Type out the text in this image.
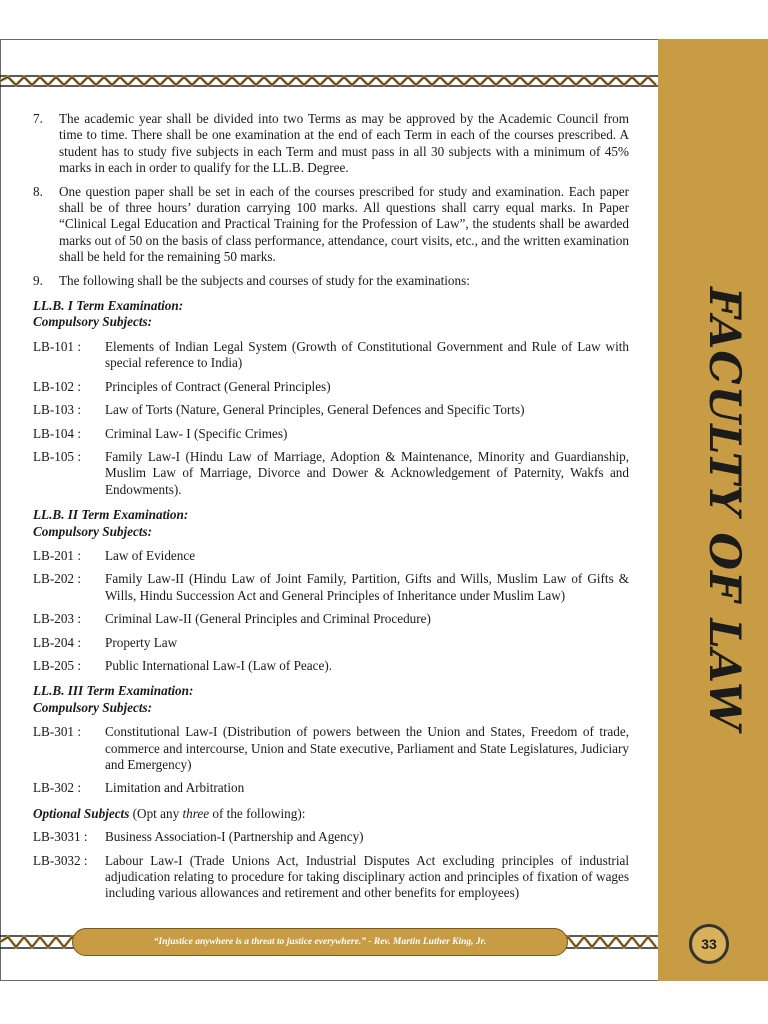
FACULTY OF LAW
7.	The academic year shall be divided into two Terms as may be approved by the Academic Council from time to time. There shall be one examination at the end of each Term in each of the courses prescribed. A student has to study five subjects in each Term and must pass in all 30 subjects with a minimum of 45% marks in each in order to qualify for the LL.B. Degree.
8.	One question paper shall be set in each of the courses prescribed for study and examination. Each paper shall be of three hours’ duration carrying 100 marks. All questions shall carry equal marks. In Paper “Clinical Legal Education and Practical Training for the Profession of Law”, the students shall be awarded marks out of 50 on the basis of class performance, attendance, court visits, etc., and the written examination shall be held for the remaining 50 marks.
9.	The following shall be the subjects and courses of study for the examinations:
LL.B. I Term Examination:
Compulsory Subjects:
LB-101 :	Elements of Indian Legal System (Growth of Constitutional Government and Rule of Law with special reference to India)
LB-102 :	Principles of Contract (General Principles)
LB-103 :	Law of Torts (Nature, General Principles, General Defences and Specific Torts)
LB-104 :	Criminal Law- I (Specific Crimes)
LB-105 :	Family Law-I (Hindu Law of Marriage, Adoption & Maintenance, Minority and Guardianship, Muslim Law of Marriage, Divorce and Dower & Acknowledgement of Paternity, Wakfs and Endowments).
LL.B. II Term Examination:
Compulsory Subjects:
LB-201 :	Law of Evidence
LB-202 :	Family Law-II (Hindu Law of Joint Family, Partition, Gifts and Wills, Muslim Law of Gifts & Wills, Hindu Succession Act and General Principles of Inheritance under Muslim Law)
LB-203 :	Criminal Law-II (General Principles and Criminal Procedure)
LB-204 :	Property Law
LB-205 :	Public International Law-I (Law of Peace).
LL.B. III Term Examination:
Compulsory Subjects:
LB-301 :	Constitutional Law-I (Distribution of powers between the Union and States, Freedom of trade, commerce and intercourse, Union and State executive, Parliament and State Legislatures, Judiciary and Emergency)
LB-302 :	Limitation and Arbitration
Optional Subjects (Opt any three of the following):
LB-3031 :	Business Association-I (Partnership and Agency)
LB-3032 :	Labour Law-I (Trade Unions Act, Industrial Disputes Act excluding principles of industrial adjudication relating to procedure for taking disciplinary action and principles of fixation of wages including various allowances and retirement and other benefits for employees)
“Injustice anywhere is a threat to justice everywhere.” - Rev. Martin Luther King, Jr.	33
